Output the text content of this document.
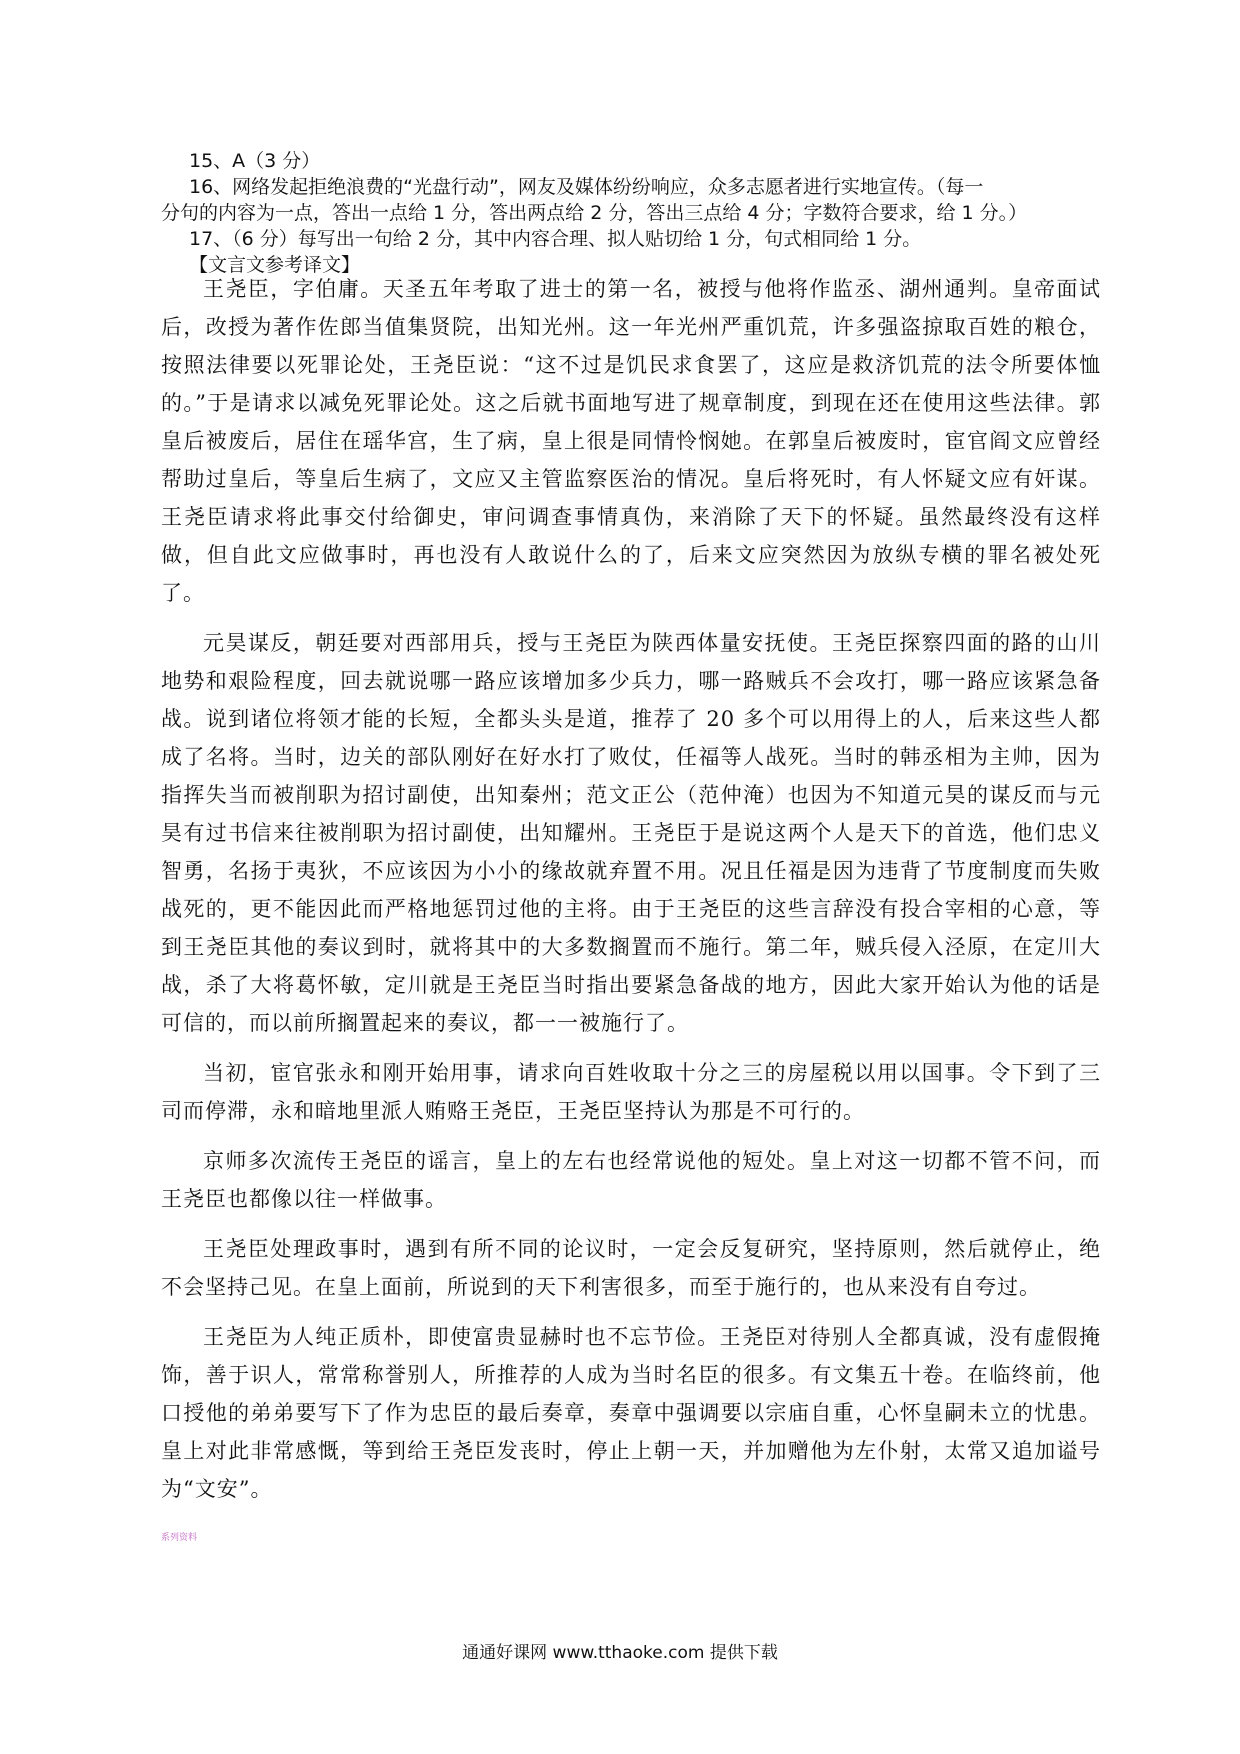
15、A（3 分）

16、网络发起拒绝浪费的“光盘行动”，网友及媒体纷纷响应，众多志愿者进行实地宣传。（每一

分句的内容为一点，答出一点给 1 分，答出两点给 2 分，答出三点给 4 分；字数符合要求，给 1 分。）

17、（6 分）每写出一句给 2 分，其中内容合理、拟人贴切给 1 分，句式相同给 1 分。

【文言文参考译文】

王尧臣，字伯庸。天圣五年考取了进士的第一名，被授与他将作监丞、湖州通判。皇帝面试后，改授为著作佐郎当值集贤院，出知光州。这一年光州严重饥荒，许多强盗掠取百姓的粮仓，按照法律要以死罪论处，王尧臣说：“这不过是饥民求食罢了，这应是救济饥荒的法令所要体恤的。”于是请求以减免死罪论处。这之后就书面地写进了规章制度，到现在还在使用这些法律。郭皇后被废后，居住在瑶华宫，生了病，皇上很是同情怜悯她。在郭皇后被废时，宦官阎文应曾经帮助过皇后，等皇后生病了，文应又主管监察医治的情况。皇后将死时，有人怀疑文应有奸谋。王尧臣请求将此事交付给御史，审问调查事情真伪，来消除了天下的怀疑。虽然最终没有这样做，但自此文应做事时，再也没有人敢说什么的了，后来文应突然因为放纵专横的罪名被处死了。

元昊谋反，朝廷要对西部用兵，授与王尧臣为陕西体量安抚使。王尧臣探察四面的路的山川地势和艰险程度，回去就说哪一路应该增加多少兵力，哪一路贼兵不会攻打，哪一路应该紧急备战。说到诸位将领才能的长短，全都头头是道，推荐了 20 多个可以用得上的人，后来这些人都成了名将。当时，边关的部队刚好在好水打了败仗，任福等人战死。当时的韩丞相为主帅，因为指挥失当而被削职为招讨副使，出知秦州；范文正公（范仲淹）也因为不知道元昊的谋反而与元昊有过书信来往被削职为招讨副使，出知耀州。王尧臣于是说这两个人是天下的首选，他们忠义智勇，名扬于夷狄，不应该因为小小的缘故就弃置不用。况且任福是因为违背了节度制度而失败战死的，更不能因此而严格地惩罚过他的主将。由于王尧臣的这些言辞没有投合宰相的心意，等到王尧臣其他的奏议到时，就将其中的大多数搁置而不施行。第二年，贼兵侵入泾原，在定川大战，杀了大将葛怀敏，定川就是王尧臣当时指出要紧急备战的地方，因此大家开始认为他的话是可信的，而以前所搁置起来的奏议，都一一被施行了。

当初，宦官张永和刚开始用事，请求向百姓收取十分之三的房屋税以用以国事。令下到了三司而停滞，永和暗地里派人贿赂王尧臣，王尧臣坚持认为那是不可行的。

京师多次流传王尧臣的谣言，皇上的左右也经常说他的短处。皇上对这一切都不管不问，而王尧臣也都像以往一样做事。

王尧臣处理政事时，遇到有所不同的论议时，一定会反复研究，坚持原则，然后就停止，绝不会坚持己见。在皇上面前，所说到的天下利害很多，而至于施行的，也从来没有自夸过。

王尧臣为人纯正质朴，即使富贵显赫时也不忘节俭。王尧臣对待别人全都真诚，没有虚假掩饰，善于识人，常常称誉别人，所推荐的人成为当时名臣的很多。有文集五十卷。在临终前，他口授他的弟弟要写下了作为忠臣的最后奏章，奏章中强调要以宗庙自重，心怀皇嗣未立的忧患。皇上对此非常感慨，等到给王尧臣发丧时，停止上朝一天，并加赠他为左仆射，太常又追加谥号为“文安”。

系列资料
通通好课网 www.tthaoke.com 提供下载
